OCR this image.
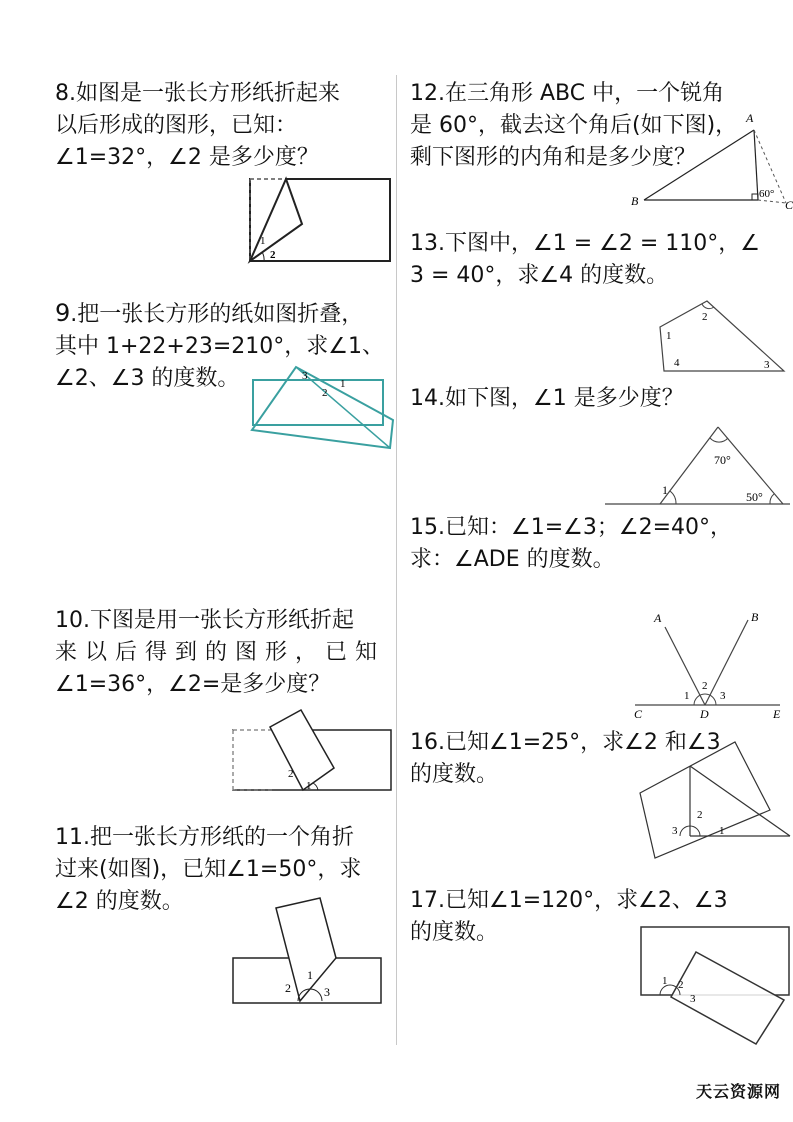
8.如图是一张长方形纸折起来

以后形成的图形，已知：

∠1=32°，∠2 是多少度？

1
2

9.把一张长方形的纸如图折叠，

其中 1+22+23=210°，求∠1、

∠2、∠3 的度数。	3
1
2

10.下图是用一张长方形纸折起

来以后得到的图形，已知

∠1=36°，∠2=是多少度？

2
1

11.把一张长方形纸的一个角折

过来(如图)，已知∠1=50°，求

∠2 的度数。

2
1
3

12.在三角形 ABC 中，一个锐角

是 60°，截去这个角后(如下图)，

剩下图形的内角和是多少度？

A
B	C
60°

13.下图中，∠1 = ∠2 = 110°，∠

3 = 40°，求∠4 的度数。

1
2
3
4

14.如下图，∠1 是多少度？

1
70°
50°

15.已知：∠1=∠3；∠2=40°，

求：∠ADE 的度数。

A	B
C	D	E
1
2
3

16.已知∠1=25°，求∠2 和∠3

的度数。

3
2
1

17.已知∠1=120°，求∠2、∠3

的度数。

1 2
3
天云资源网
